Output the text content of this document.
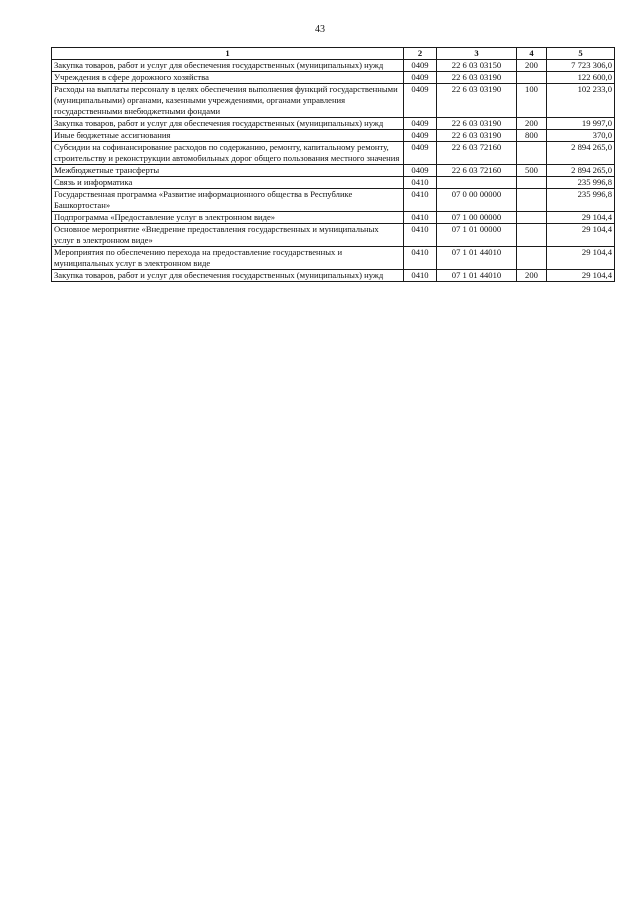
43
1	2	3	4	5
Закупка товаров, работ и услуг для обеспечения государственных (муниципальных) нужд	0409	22 6 03 03150	200	7 723 306,0
Учреждения в сфере дорожного хозяйства	0409	22 6 03 03190		122 600,0
Расходы на выплаты персоналу в целях обеспечения выполнения функций государственными (муниципальными) органами, казенными учреждениями, органами управления государственными внебюджетными фондами	0409	22 6 03 03190	100	102 233,0
Закупка товаров, работ и услуг для обеспечения государственных (муниципальных) нужд	0409	22 6 03 03190	200	19 997,0
Иные бюджетные ассигнования	0409	22 6 03 03190	800	370,0
Субсидии на софинансирование расходов по содержанию, ремонту, капитальному ремонту, строительству и реконструкции автомобильных дорог общего пользования местного значения	0409	22 6 03 72160		2 894 265,0
Межбюджетные трансферты	0409	22 6 03 72160	500	2 894 265,0
Связь и информатика	0410			235 996,8
Государственная программа «Развитие информационного общества в Республике Башкортостан»	0410	07 0 00 00000		235 996,8
Подпрограмма «Предоставление услуг в электронном виде»	0410	07 1 00 00000		29 104,4
Основное мероприятие «Внедрение предоставления государственных и муниципальных услуг в электронном виде»	0410	07 1 01 00000		29 104,4
Мероприятия по обеспечению перехода на предоставление государственных и муниципальных услуг в электронном виде	0410	07 1 01 44010		29 104,4
Закупка товаров, работ и услуг для обеспечения государственных (муниципальных) нужд	0410	07 1 01 44010	200	29 104,4
